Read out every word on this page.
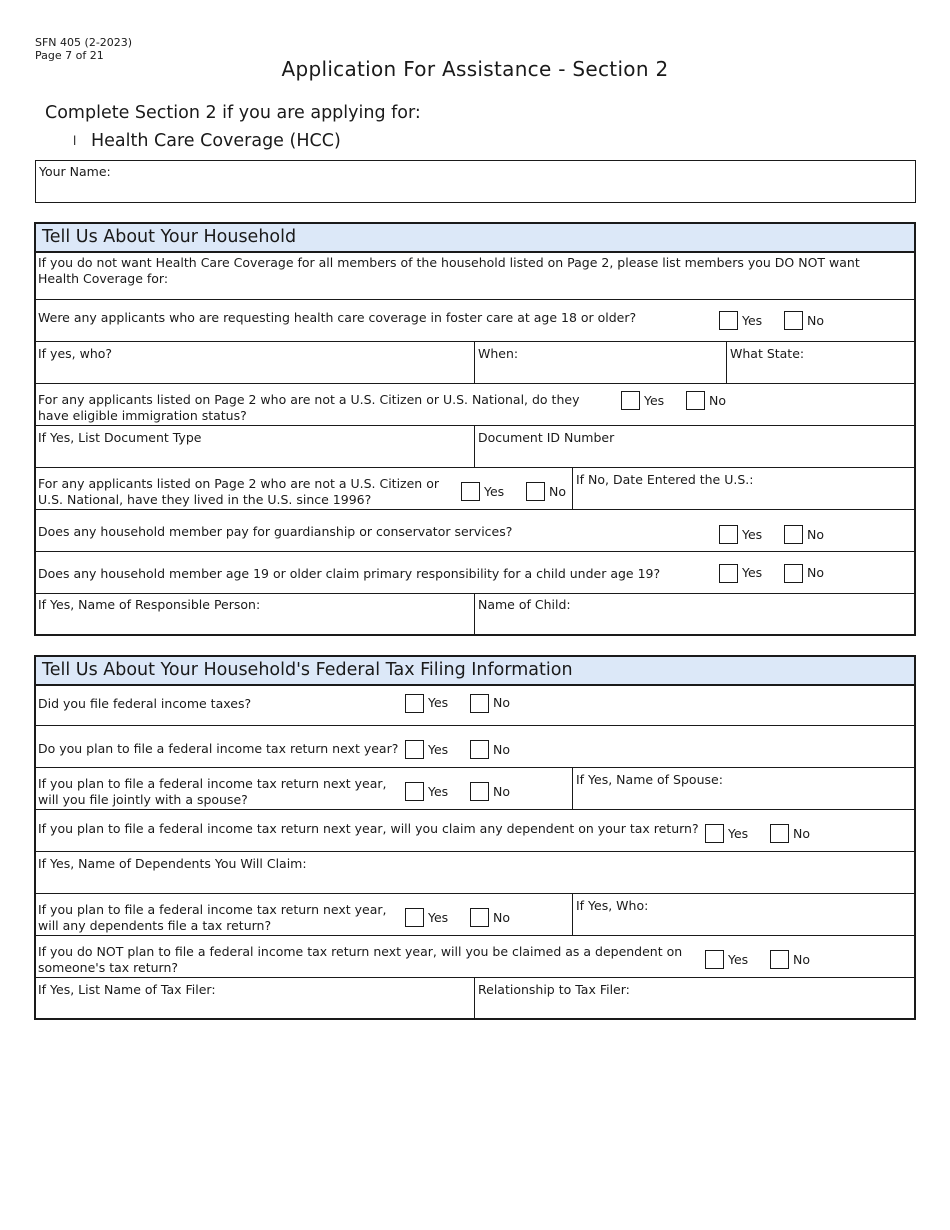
SFN 405 (2-2023)
Page 7 of 21
Application For Assistance - Section 2
Complete Section 2 if you are applying for:
l Health Care Coverage (HCC)
Your Name:
Tell Us About Your Household
If you do not want Health Care Coverage for all members of the household listed on Page 2, please list members you DO NOT want Health Coverage for:
Were any applicants who are requesting health care coverage in foster care at age 18 or older?	Yes	No
If yes, who?	When:	What State:
For any applicants listed on Page 2 who are not a U.S. Citizen or U.S. National, do they have eligible immigration status?
Yes	No
If Yes, List Document Type	Document ID Number
For any applicants listed on Page 2 who are not a U.S. Citizen or U.S. National, have they lived in the U.S. since 1996?
Yes	No
If No, Date Entered the U.S.:
Does any household member pay for guardianship or conservator services?	Yes	No
Does any household member age 19 or older claim primary responsibility for a child under age 19?	Yes	No
If Yes, Name of Responsible Person:	Name of Child:
Tell Us About Your Household's Federal Tax Filing Information
Did you file federal income taxes?	Yes	No
Do you plan to file a federal income tax return next year? Yes	No
If you plan to file a federal income tax return next year, will you file jointly with a spouse?
Yes	No
If Yes, Name of Spouse:
If you plan to file a federal income tax return next year, will you claim any dependent on your tax return? Yes	No
If Yes, Name of Dependents You Will Claim:
If you plan to file a federal income tax return next year, will any dependents file a tax return?
Yes	No
If Yes, Who:
If you do NOT plan to file a federal income tax return next year, will you be claimed as a dependent on someone's tax return?
Yes	No
If Yes, List Name of Tax Filer:	Relationship to Tax Filer:
